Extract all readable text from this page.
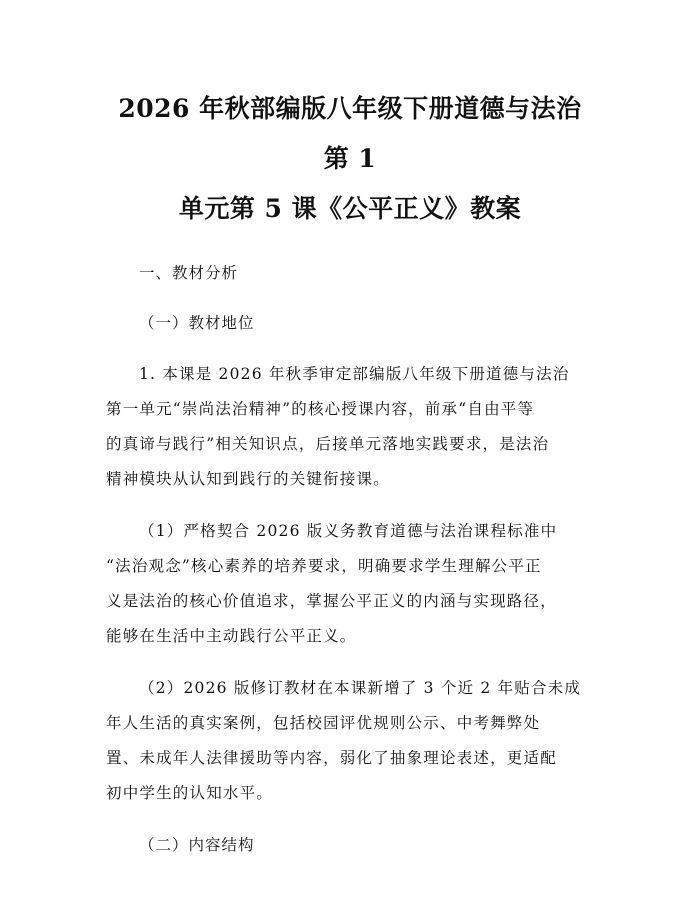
2026 年秋部编版八年级下册道德与法治第 1
单元第 5 课《公平正义》教案

一、教材分析

（一）教材地位

1. 本课是 2026 年秋季审定部编版八年级下册道德与法治
第一单元“崇尚法治精神”的核心授课内容，前承“自由平等
的真谛与践行”相关知识点，后接单元落地实践要求，是法治
精神模块从认知到践行的关键衔接课。
（1）严格契合 2026 版义务教育道德与法治课程标准中
“法治观念”核心素养的培养要求，明确要求学生理解公平正
义是法治的核心价值追求，掌握公平正义的内涵与实现路径，
能够在生活中主动践行公平正义。
（2）2026 版修订教材在本课新增了 3 个近 2 年贴合未成
年人生活的真实案例，包括校园评优规则公示、中考舞弊处
置、未成年人法律援助等内容，弱化了抽象理论表述，更适配
初中学生的认知水平。

（二）内容结构
